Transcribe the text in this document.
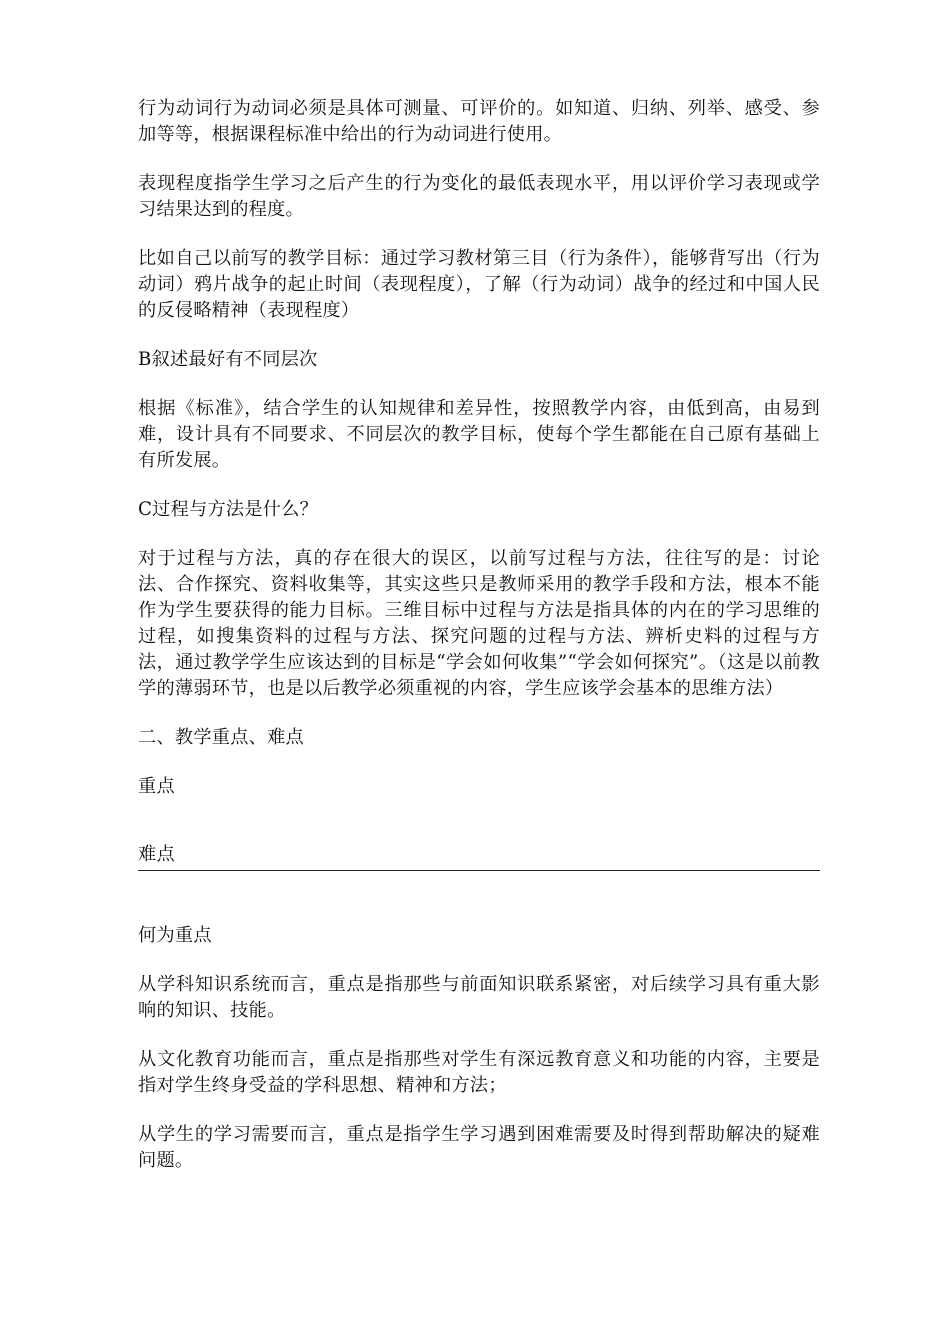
行为动词行为动词必须是具体可测量、可评价的。如知道、归纳、列举、感受、参加等等，根据课程标准中给出的行为动词进行使用。

表现程度指学生学习之后产生的行为变化的最低表现水平，用以评价学习表现或学习结果达到的程度。

比如自己以前写的教学目标：通过学习教材第三目（行为条件），能够背写出（行为动词）鸦片战争的起止时间（表现程度），了解（行为动词）战争的经过和中国人民的反侵略精神（表现程度）

B叙述最好有不同层次

根据《标准》，结合学生的认知规律和差异性，按照教学内容，由低到高，由易到难，设计具有不同要求、不同层次的教学目标，使每个学生都能在自己原有基础上有所发展。

C过程与方法是什么？

对于过程与方法，真的存在很大的误区，以前写过程与方法，往往写的是：讨论法、合作探究、资料收集等，其实这些只是教师采用的教学手段和方法，根本不能作为学生要获得的能力目标。三维目标中过程与方法是指具体的内在的学习思维的过程，如搜集资料的过程与方法、探究问题的过程与方法、辨析史料的过程与方法，通过教学学生应该达到的目标是“学会如何收集”“学会如何探究”。（这是以前教学的薄弱环节，也是以后教学必须重视的内容，学生应该学会基本的思维方法）

二、教学重点、难点

重点

难点

何为重点

从学科知识系统而言，重点是指那些与前面知识联系紧密，对后续学习具有重大影响的知识、技能。

从文化教育功能而言，重点是指那些对学生有深远教育意义和功能的内容，主要是指对学生终身受益的学科思想、精神和方法；

从学生的学习需要而言，重点是指学生学习遇到困难需要及时得到帮助解决的疑难问题。
